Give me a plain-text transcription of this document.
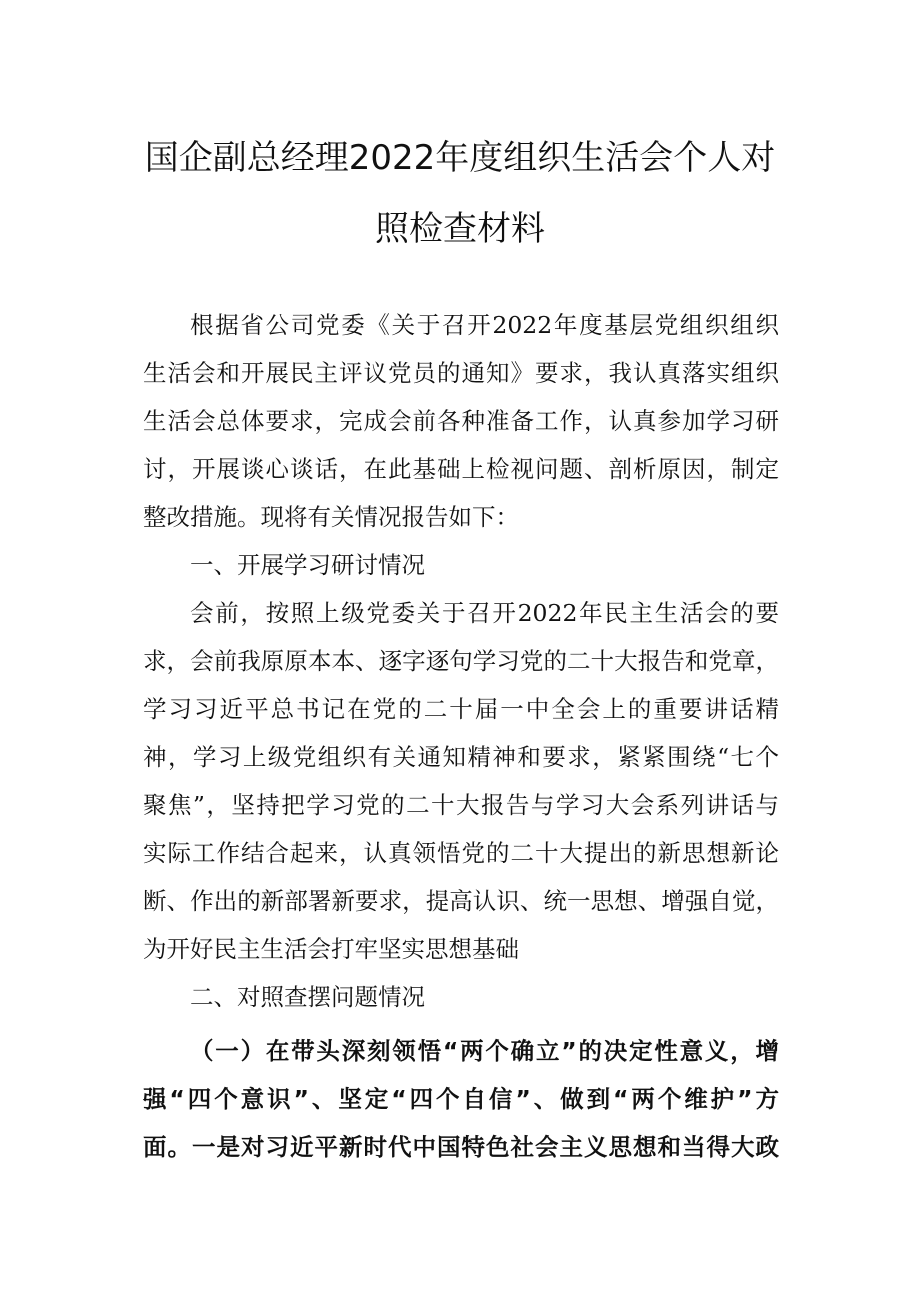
国企副总经理2022年度组织生活会个人对
照检查材料
根据省公司党委《关于召开2022年度基层党组织组织
生活会和开展民主评议党员的通知》要求，我认真落实组织
生活会总体要求，完成会前各种准备工作，认真参加学习研
讨，开展谈心谈话，在此基础上检视问题、剖析原因，制定
整改措施。现将有关情况报告如下：
一、开展学习研讨情况
会前，按照上级党委关于召开2022年民主生活会的要
求，会前我原原本本、逐字逐句学习党的二十大报告和党章，
学习习近平总书记在党的二十届一中全会上的重要讲话精
神，学习上级党组织有关通知精神和要求，紧紧围绕“七个
聚焦”，坚持把学习党的二十大报告与学习大会系列讲话与
实际工作结合起来，认真领悟党的二十大提出的新思想新论
断、作出的新部署新要求，提高认识、统一思想、增强自觉，
为开好民主生活会打牢坚实思想基础
二、对照查摆问题情况
（一）在带头深刻领悟“两个确立”的决定性意义，增
强“四个意识”、坚定“四个自信”、做到“两个维护”方
面。一是对习近平新时代中国特色社会主义思想和当得大政
